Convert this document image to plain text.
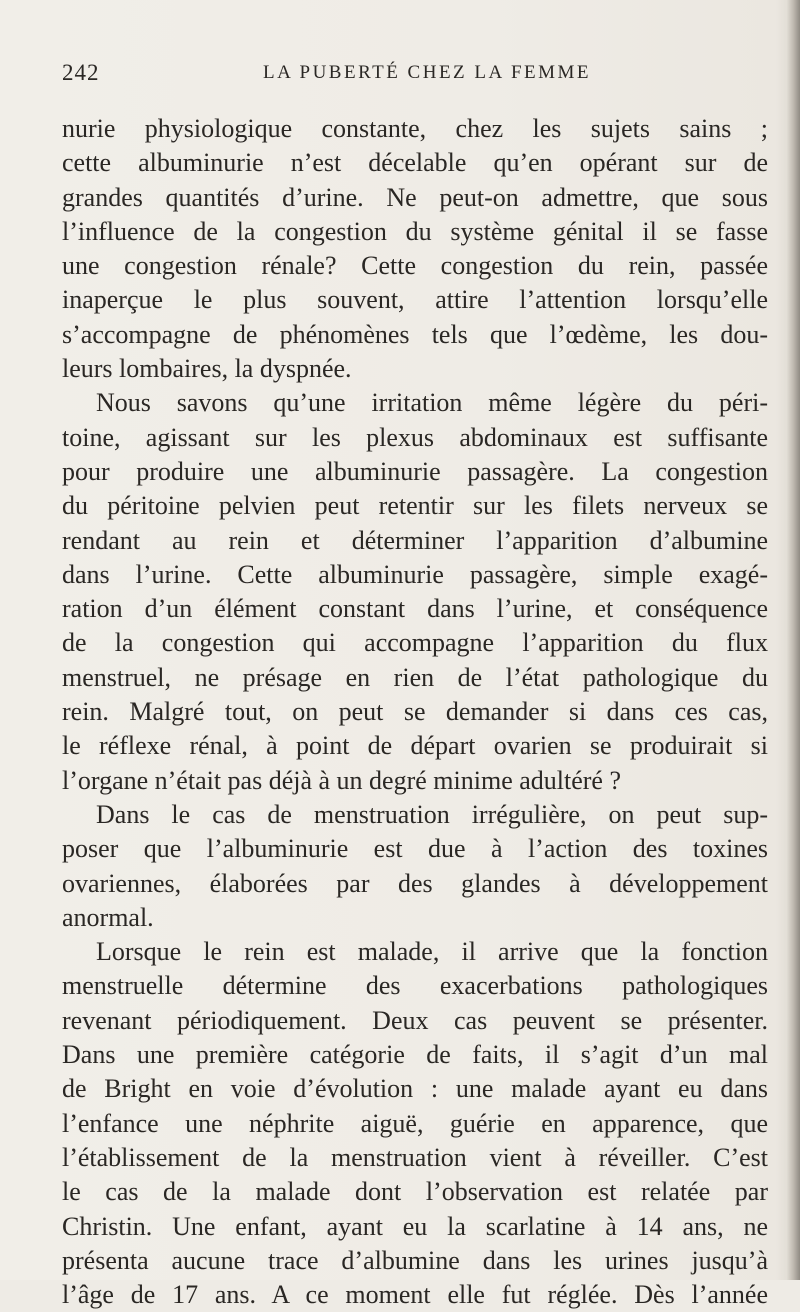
242	LA PUBERTÉ CHEZ LA FEMME
nurie physiologique constante, chez les sujets sains ;
cette albuminurie n’est décelable qu’en opérant sur de
grandes quantités d’urine. Ne peut-on admettre, que sous
l’influence de la congestion du système génital il se fasse
une congestion rénale? Cette congestion du rein, passée
inaperçue le plus souvent, attire l’attention lorsqu’elle
s’accompagne de phénomènes tels que l’œdème, les dou-
leurs lombaires, la dyspnée.
Nous savons qu’une irritation même légère du péri-
toine, agissant sur les plexus abdominaux est suffisante
pour produire une albuminurie passagère. La congestion
du péritoine pelvien peut retentir sur les filets nerveux se
rendant au rein et déterminer l’apparition d’albumine
dans l’urine. Cette albuminurie passagère, simple exagé-
ration d’un élément constant dans l’urine, et conséquence
de la congestion qui accompagne l’apparition du flux
menstruel, ne présage en rien de l’état pathologique du
rein. Malgré tout, on peut se demander si dans ces cas,
le réflexe rénal, à point de départ ovarien se produirait si
l’organe n’était pas déjà à un degré minime adultéré ?
Dans le cas de menstruation irrégulière, on peut sup-
poser que l’albuminurie est due à l’action des toxines
ovariennes, élaborées par des glandes à développement
anormal.
Lorsque le rein est malade, il arrive que la fonction
menstruelle détermine des exacerbations pathologiques
revenant périodiquement. Deux cas peuvent se présenter.
Dans une première catégorie de faits, il s’agit d’un mal
de Bright en voie d’évolution : une malade ayant eu dans
l’enfance une néphrite aiguë, guérie en apparence, que
l’établissement de la menstruation vient à réveiller. C’est
le cas de la malade dont l’observation est relatée par
Christin. Une enfant, ayant eu la scarlatine à 14 ans, ne
présenta aucune trace d’albumine dans les urines jusqu’à
l’âge de 17 ans. A ce moment elle fut réglée. Dès l’année
